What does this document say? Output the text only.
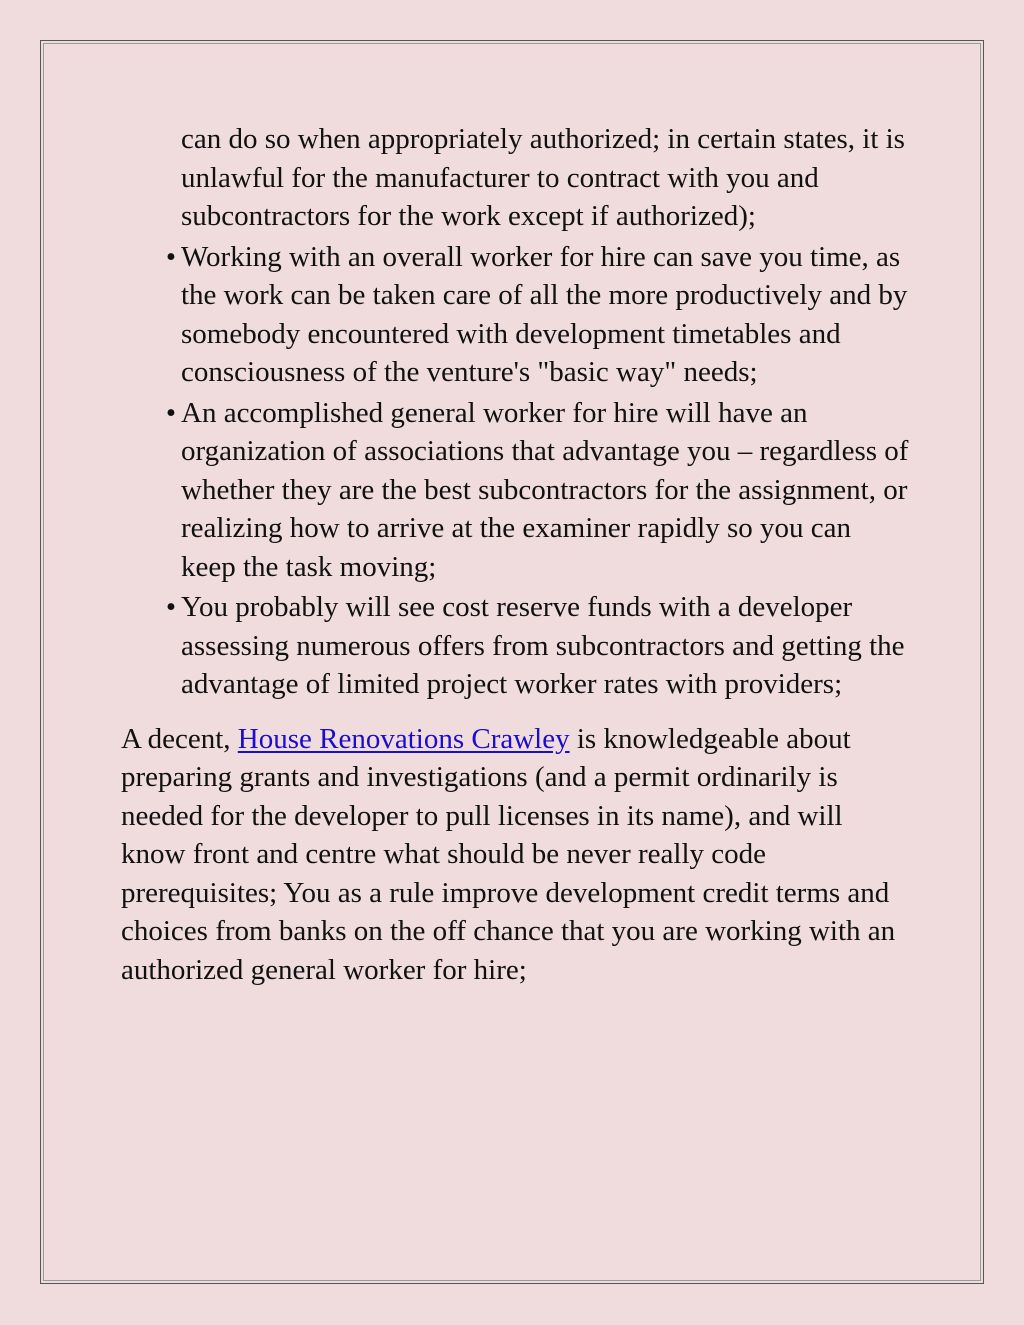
can do so when appropriately authorized; in certain states, it is unlawful for the manufacturer to contract with you and subcontractors for the work except if authorized);
• Working with an overall worker for hire can save you time, as the work can be taken care of all the more productively and by somebody encountered with development timetables and consciousness of the venture's "basic way" needs;
• An accomplished general worker for hire will have an organization of associations that advantage you – regardless of whether they are the best subcontractors for the assignment, or realizing how to arrive at the examiner rapidly so you can keep the task moving;
• You probably will see cost reserve funds with a developer assessing numerous offers from subcontractors and getting the advantage of limited project worker rates with providers;

A decent, House Renovations Crawley is knowledgeable about preparing grants and investigations (and a permit ordinarily is needed for the developer to pull licenses in its name), and will know front and centre what should be never really code prerequisites; You as a rule improve development credit terms and choices from banks on the off chance that you are working with an authorized general worker for hire;
